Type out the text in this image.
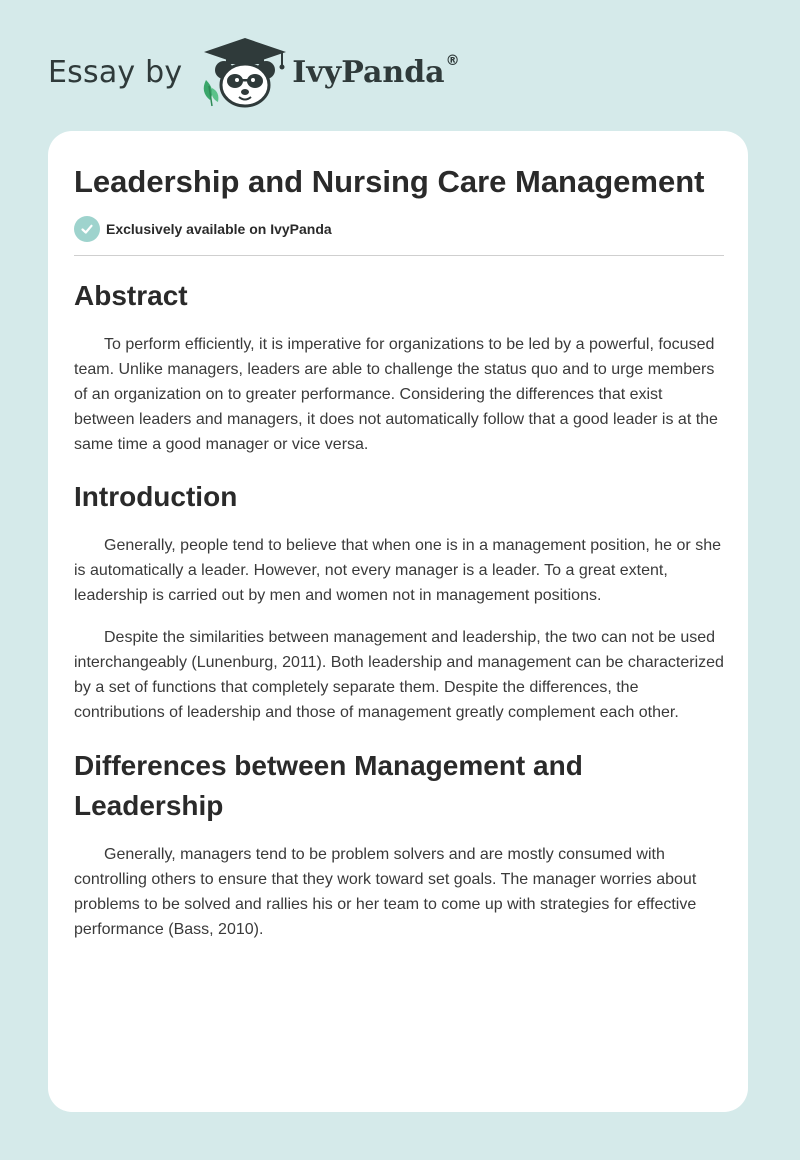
Essay by	IvyPanda®
Leadership and Nursing Care Management
Exclusively available on IvyPanda
Abstract

To perform efficiently, it is imperative for organizations to be led by a powerful, focused team. Unlike managers, leaders are able to challenge the status quo and to urge members of an organization on to greater performance. Considering the differences that exist between leaders and managers, it does not automatically follow that a good leader is at the same time a good manager or vice versa.

Introduction

Generally, people tend to believe that when one is in a management position, he or she is automatically a leader. However, not every manager is a leader. To a great extent, leadership is carried out by men and women not in management positions.

Despite the similarities between management and leadership, the two can not be used interchangeably (Lunenburg, 2011). Both leadership and management can be characterized by a set of functions that completely separate them. Despite the differences, the contributions of leadership and those of management greatly complement each other.

Differences between Management and Leadership

Generally, managers tend to be problem solvers and are mostly consumed with controlling others to ensure that they work toward set goals. The manager worries about problems to be solved and rallies his or her team to come up with strategies for effective performance (Bass, 2010).
